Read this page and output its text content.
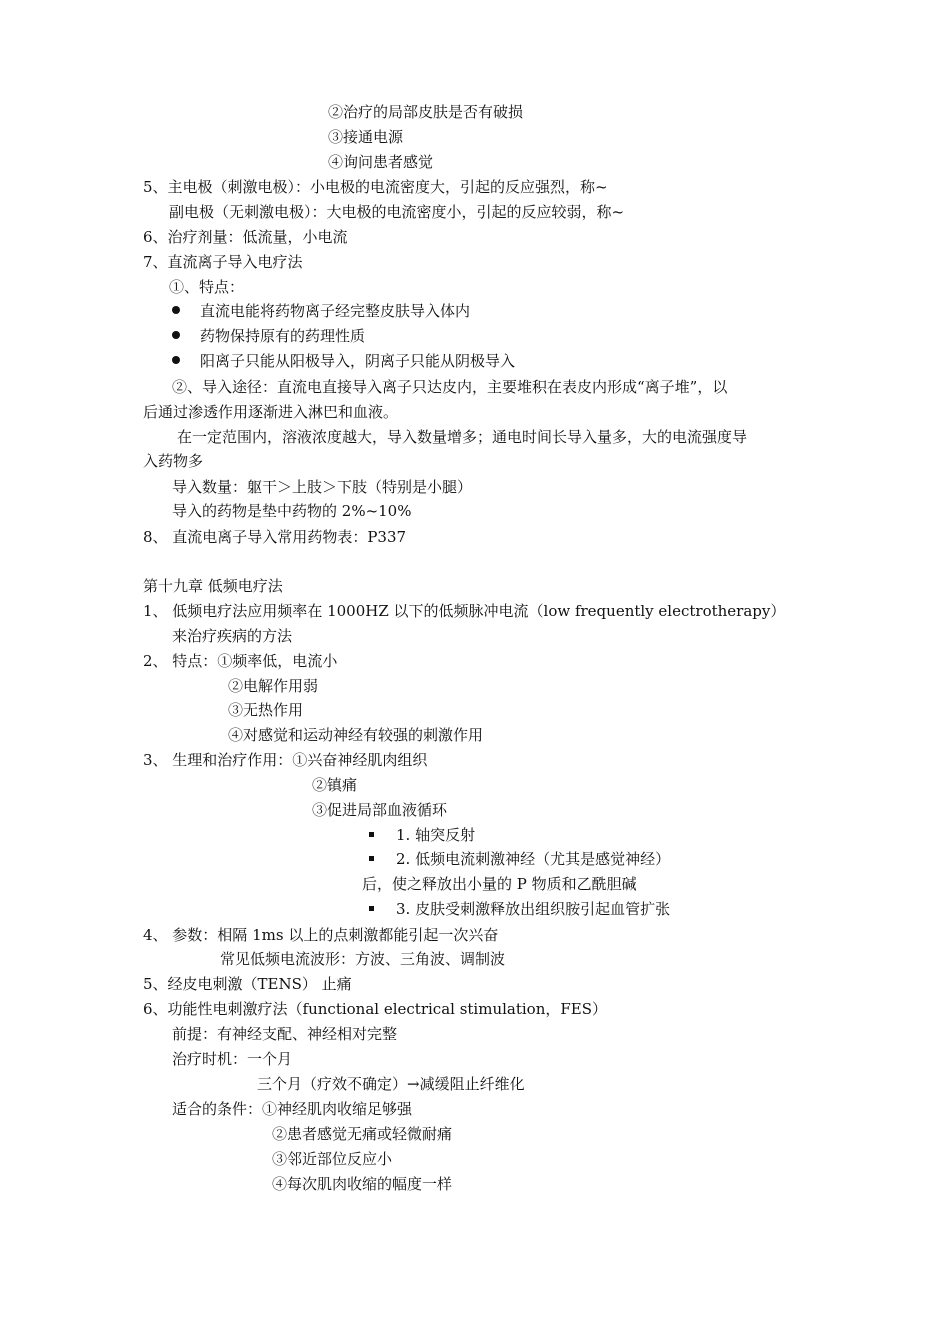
②治疗的局部皮肤是否有破损
③接通电源
④询问患者感觉
5、主电极（刺激电极）：小电极的电流密度大，引起的反应强烈，称~
副电极（无刺激电极）：大电极的电流密度小，引起的反应较弱，称~
6、治疗剂量：低流量，小电流
7、直流离子导入电疗法
①、特点：
直流电能将药物离子经完整皮肤导入体内
药物保持原有的药理性质
阳离子只能从阳极导入，阴离子只能从阴极导入
②、导入途径：直流电直接导入离子只达皮内，主要堆积在表皮内形成“离子堆”，以
后通过渗透作用逐渐进入淋巴和血液。
在一定范围内，溶液浓度越大，导入数量增多；通电时间长导入量多，大的电流强度导
入药物多
导入数量：躯干＞上肢＞下肢（特别是小腿）
导入的药物是垫中药物的 2%~10%
8、 直流电离子导入常用药物表：P337
第十九章 低频电疗法
1、 低频电疗法应用频率在 1000HZ 以下的低频脉冲电流（low frequently electrotherapy）
来治疗疾病的方法
2、 特点：①频率低，电流小
②电解作用弱
③无热作用
④对感觉和运动神经有较强的刺激作用
3、 生理和治疗作用：①兴奋神经肌肉组织
②镇痛
③促进局部血液循环
1. 轴突反射
2. 低频电流刺激神经（尤其是感觉神经）
后，使之释放出小量的 P 物质和乙酰胆碱
3. 皮肤受刺激释放出组织胺引起血管扩张
4、 参数：相隔 1ms 以上的点刺激都能引起一次兴奋
常见低频电流波形：方波、三角波、调制波
5、经皮电刺激（TENS） 止痛
6、功能性电刺激疗法（functional electrical stimulation，FES）
前提：有神经支配、神经相对完整
治疗时机：一个月
三个月（疗效不确定）→减缓阻止纤维化
适合的条件：①神经肌肉收缩足够强
②患者感觉无痛或轻微耐痛
③邻近部位反应小
④每次肌肉收缩的幅度一样
